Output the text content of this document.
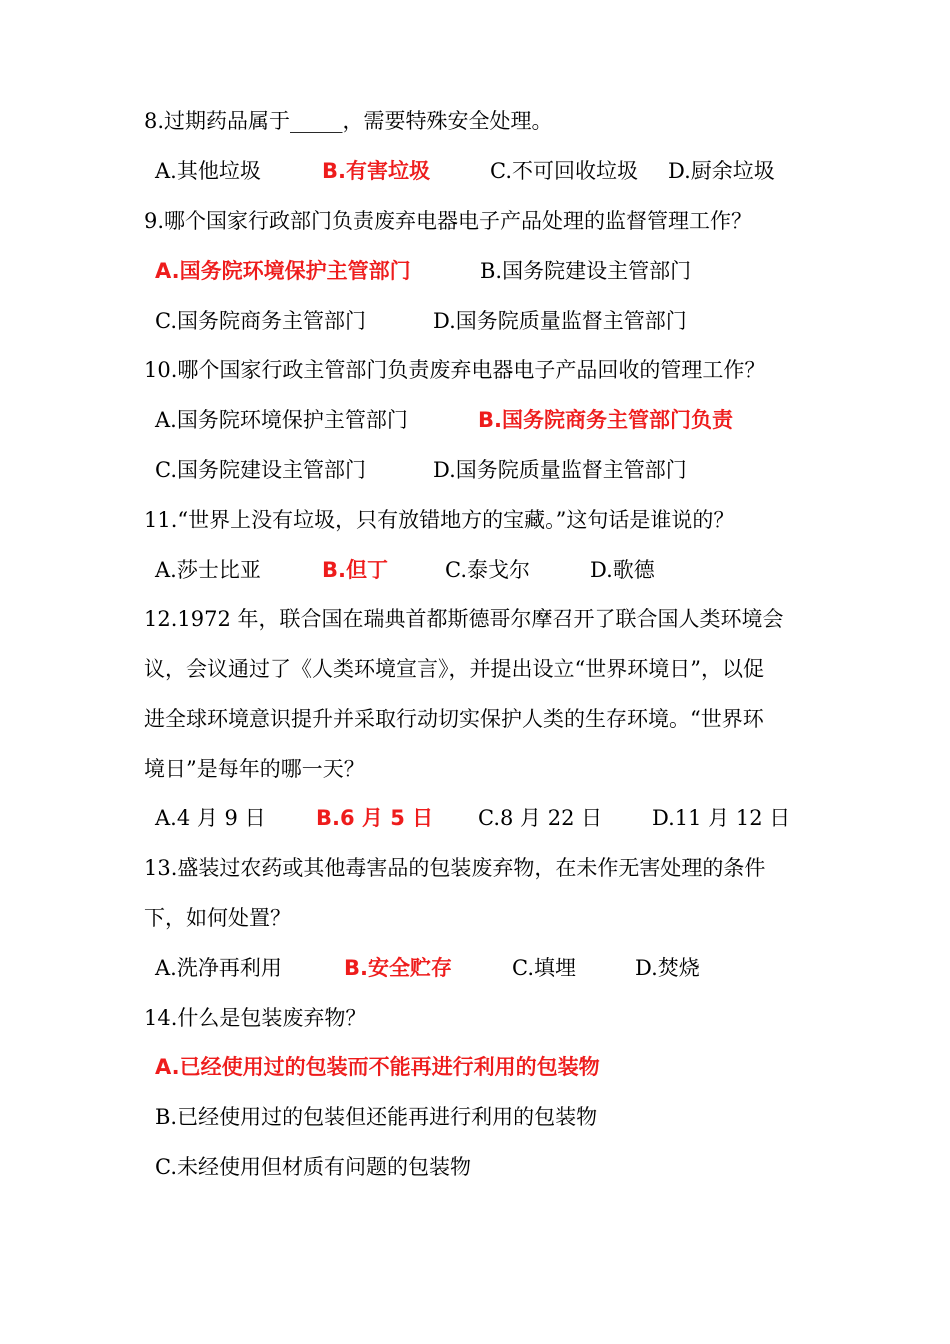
8.过期药品属于_____，需要特殊安全处理。
A.其他垃圾	B.有害垃圾	C.不可回收垃圾 D.厨余垃圾
9.哪个国家行政部门负责废弃电器电子产品处理的监督管理工作？
A.国务院环境保护主管部门	B.国务院建设主管部门
C.国务院商务主管部门	D.国务院质量监督主管部门
10.哪个国家行政主管部门负责废弃电器电子产品回收的管理工作？
A.国务院环境保护主管部门	B.国务院商务主管部门负责
C.国务院建设主管部门	D.国务院质量监督主管部门
11.“世界上没有垃圾，只有放错地方的宝藏。”这句话是谁说的？
A.莎士比亚	B.但丁	C.泰戈尔	D.歌德
12.1972 年，联合国在瑞典首都斯德哥尔摩召开了联合国人类环境会
议，会议通过了《人类环境宣言》，并提出设立“世界环境日”，以促
进全球环境意识提升并采取行动切实保护人类的生存环境。“世界环
境日”是每年的哪一天？
A.4 月 9 日 B.6 月 5 日 C.8 月 22 日 D.11 月 12 日
13.盛装过农药或其他毒害品的包装废弃物，在未作无害处理的条件
下，如何处置？
A.洗净再利用	B.安全贮存	C.填埋	D.焚烧
14.什么是包装废弃物？
A.已经使用过的包装而不能再进行利用的包装物
B.已经使用过的包装但还能再进行利用的包装物
C.未经使用但材质有问题的包装物
